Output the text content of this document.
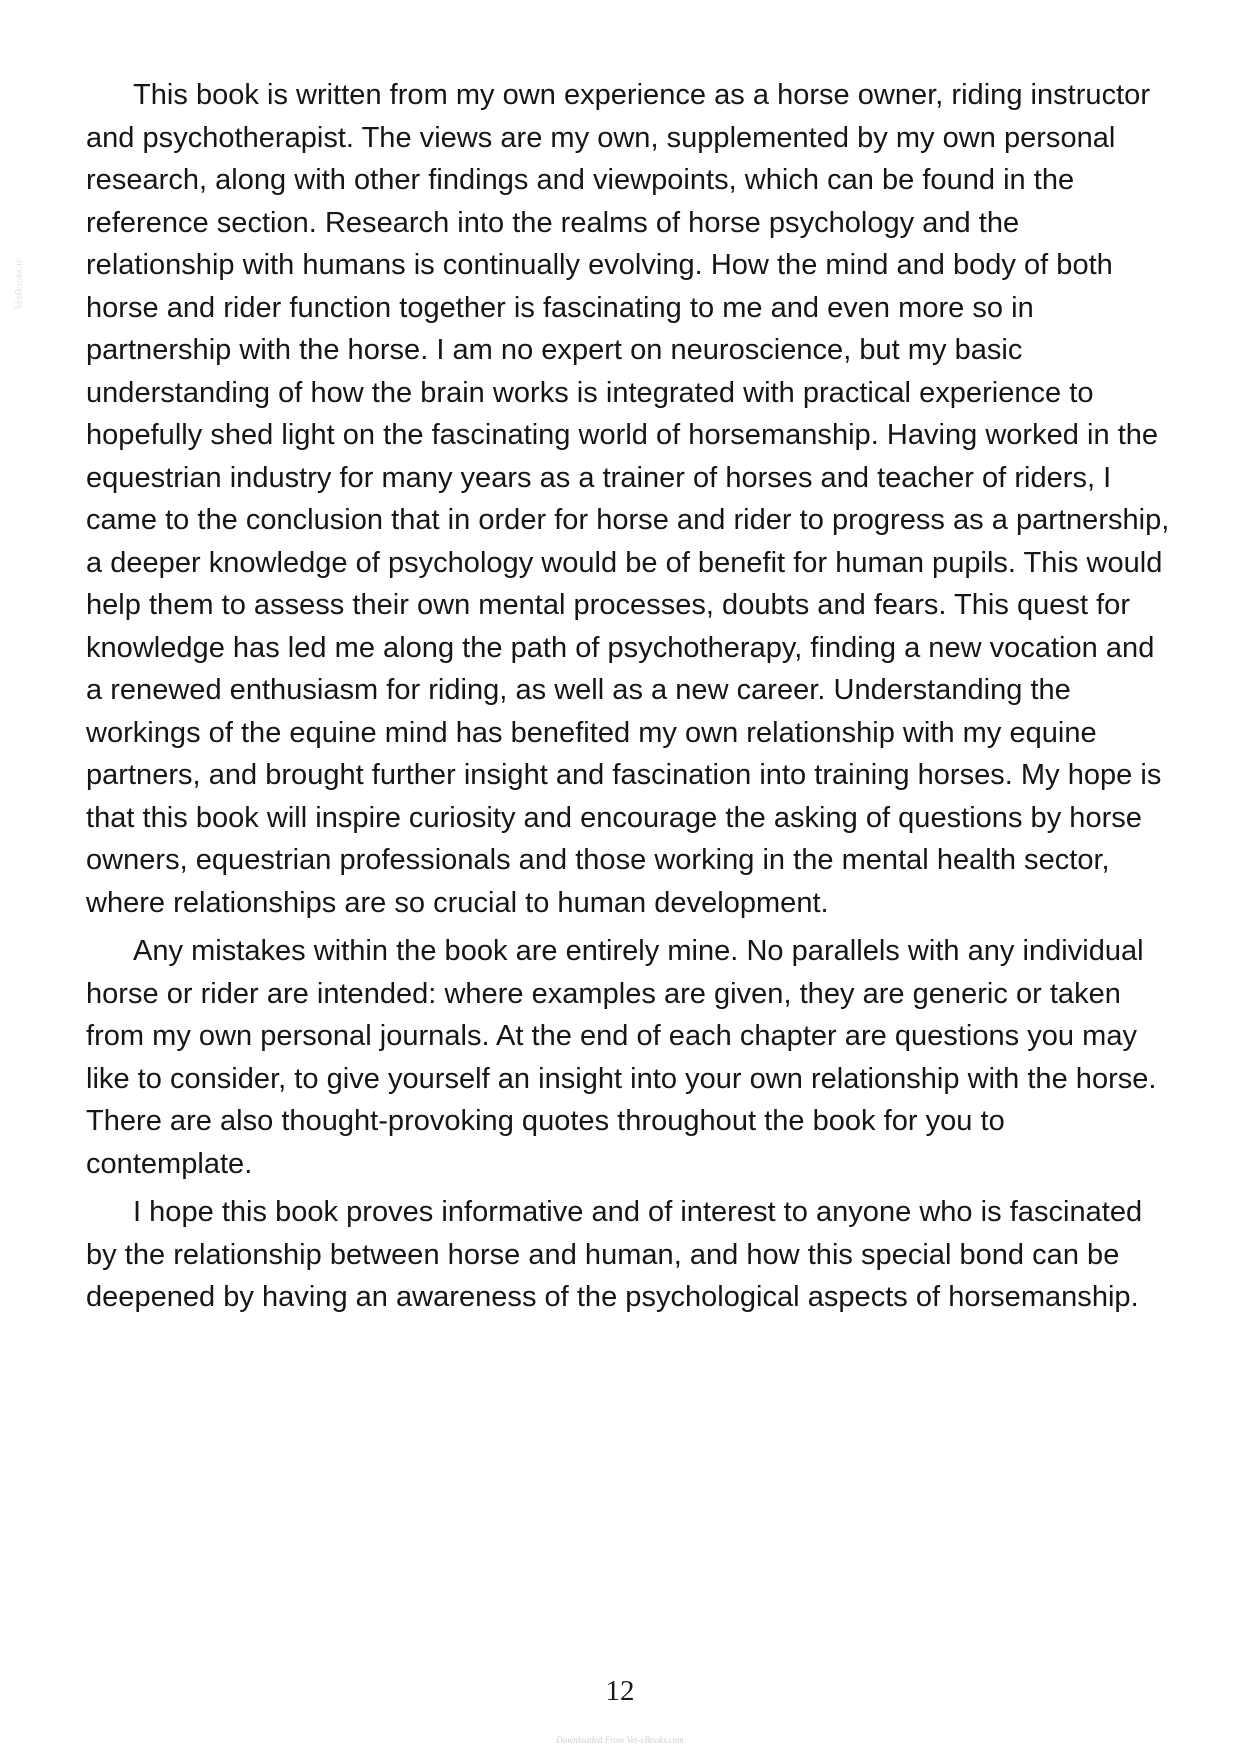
VetBooks.ir

This book is written from my own experience as a horse owner, riding instructor and psychotherapist. The views are my own, supplemented by my own personal research, along with other findings and viewpoints, which can be found in the reference section. Research into the realms of horse psychology and the relationship with humans is continually evolving. How the mind and body of both horse and rider function together is fascinating to me and even more so in partnership with the horse. I am no expert on neuroscience, but my basic understanding of how the brain works is integrated with practical experience to hopefully shed light on the fascinating world of horsemanship. Having worked in the equestrian industry for many years as a trainer of horses and teacher of riders, I came to the conclusion that in order for horse and rider to progress as a partnership, a deeper knowledge of psychology would be of benefit for human pupils. This would help them to assess their own mental processes, doubts and fears. This quest for knowledge has led me along the path of psychotherapy, finding a new vocation and a renewed enthusiasm for riding, as well as a new career. Understanding the workings of the equine mind has benefited my own relationship with my equine partners, and brought further insight and fascination into training horses. My hope is that this book will inspire curiosity and encourage the asking of questions by horse owners, equestrian professionals and those working in the mental health sector, where relationships are so crucial to human development.

Any mistakes within the book are entirely mine. No parallels with any individual horse or rider are intended: where examples are given, they are generic or taken from my own personal journals. At the end of each chapter are questions you may like to consider, to give yourself an insight into your own relationship with the horse. There are also thought-provoking quotes throughout the book for you to contemplate.

I hope this book proves informative and of interest to anyone who is fascinated by the relationship between horse and human, and how this special bond can be deepened by having an awareness of the psychological aspects of horsemanship.

12
Downloaded From Vet-eBooks.com
